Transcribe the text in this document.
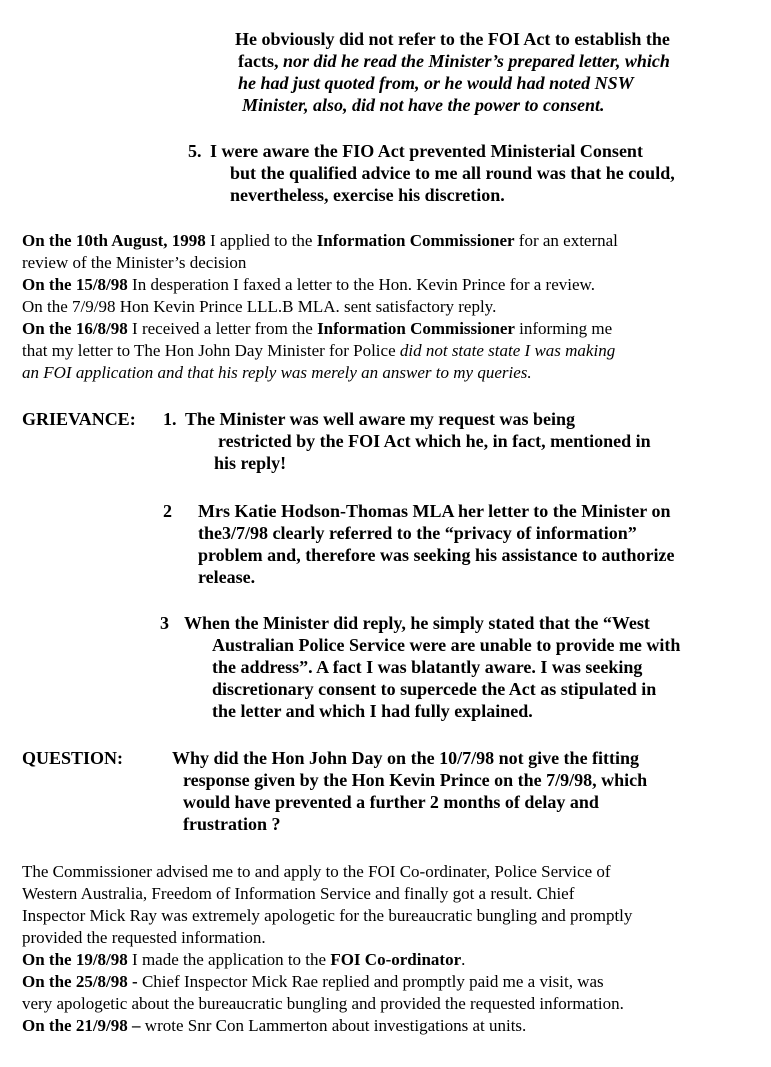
He obviously did not refer to the FOI Act to establish the
facts, nor did he read the Minister’s prepared letter, which
he had just quoted from, or he would had noted NSW
Minister, also, did not have the power to consent.
5. I were aware the FIO Act prevented Ministerial Consent
but the qualified advice to me all round was that he could,
nevertheless, exercise his discretion.
On the 10th August, 1998 I applied to the Information Commissioner for an external
review of the Minister’s decision
On the 15/8/98 In desperation I faxed a letter to the Hon. Kevin Prince for a review.
On the 7/9/98 Hon Kevin Prince LLL.B MLA. sent satisfactory reply.
On the 16/8/98 I received a letter from the Information Commissioner informing me
that my letter to The Hon John Day Minister for Police did not state state I was making
an FOI application and that his reply was merely an answer to my queries.
GRIEVANCE: 1. The Minister was well aware my request was being
restricted by the FOI Act which he, in fact, mentioned in
his reply!
2 Mrs Katie Hodson-Thomas MLA her letter to the Minister on
the3/7/98 clearly referred to the “privacy of information”
problem and, therefore was seeking his assistance to authorize
release.
3 When the Minister did reply, he simply stated that the “West
Australian Police Service were are unable to provide me with
the address”. A fact I was blatantly aware. I was seeking
discretionary consent to supercede the Act as stipulated in
the letter and which I had fully explained.
QUESTION:	Why did the Hon John Day on the 10/7/98 not give the fitting
response given by the Hon Kevin Prince on the 7/9/98, which
would have prevented a further 2 months of delay and
frustration ?
The Commissioner advised me to and apply to the FOI Co-ordinater, Police Service of
Western Australia, Freedom of Information Service and finally got a result. Chief
Inspector Mick Ray was extremely apologetic for the bureaucratic bungling and promptly
provided the requested information.
On the 19/8/98 I made the application to the FOI Co-ordinator.
On the 25/8/98 - Chief Inspector Mick Rae replied and promptly paid me a visit, was
very apologetic about the bureaucratic bungling and provided the requested information.
On the 21/9/98 – wrote Snr Con Lammerton about investigations at units.
